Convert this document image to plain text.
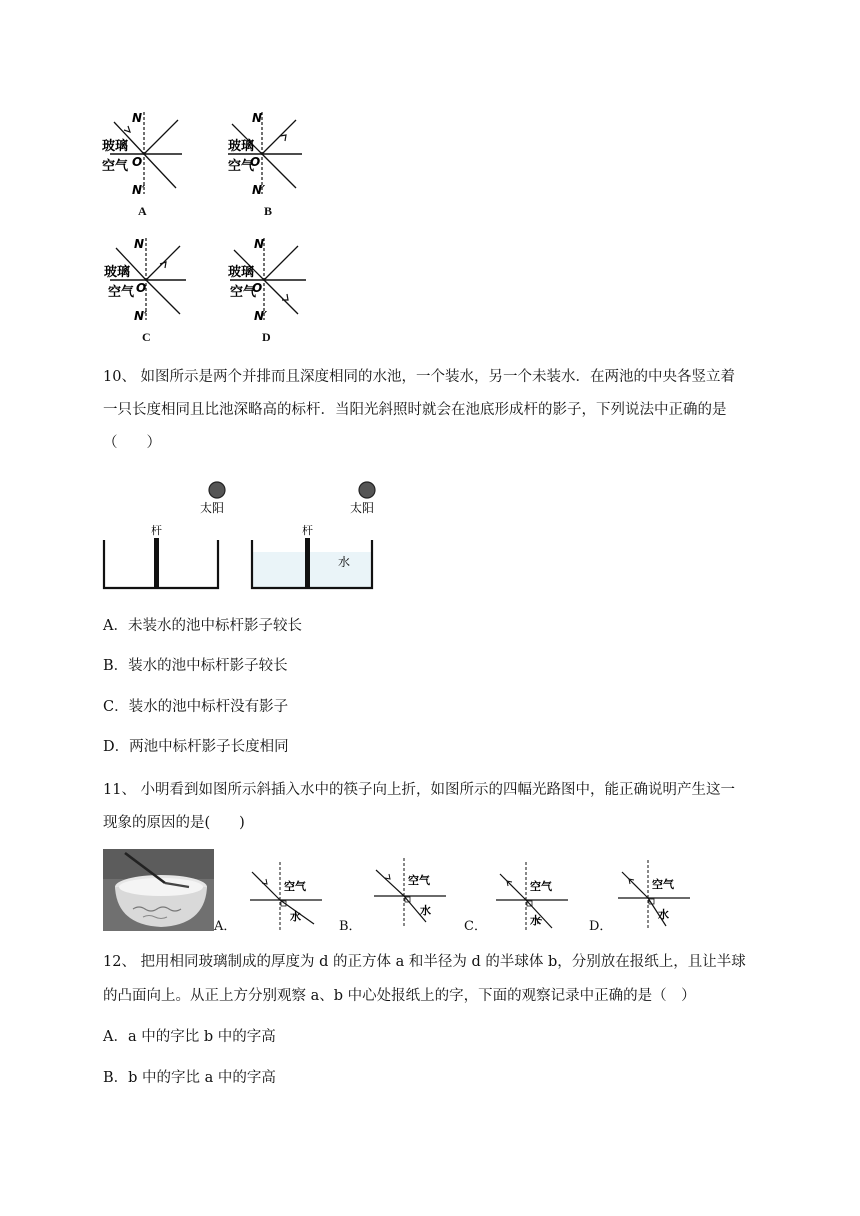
N
玻璃
空气 O
N′
A
N
玻璃
空气
O
N′
B
N
玻璃
空气 O
N′
C
N
玻璃
空气
O
N′
D
10、 如图所示是两个并排而且深度相同的水池，一个装水，另一个未装水．在两池的中央各竖立着
一只长度相同且比池深略高的标杆．当阳光斜照时就会在池底形成杆的影子，下列说法中正确的是
（　　）
太阳	太阳
杆	杆
水
A．未装水的池中标杆影子较长
B．装水的池中标杆影子较长
C．装水的池中标杆没有影子
D．两池中标杆影子长度相同
11、 小明看到如图所示斜插入水中的筷子向上折，如图所示的四幅光路图中，能正确说明产生这一
现象的原因的是(　　)
A．	B．	C．	D．
空气
水
空气
水
空气
水
空气
水
12、 把用相同玻璃制成的厚度为 d 的正方体 a 和半径为 d 的半球体 b，分别放在报纸上，且让半球
的凸面向上。从正上方分别观察 a、b 中心处报纸上的字，下面的观察记录中正确的是（　）
A．a 中的字比 b 中的字高
B．b 中的字比 a 中的字高
